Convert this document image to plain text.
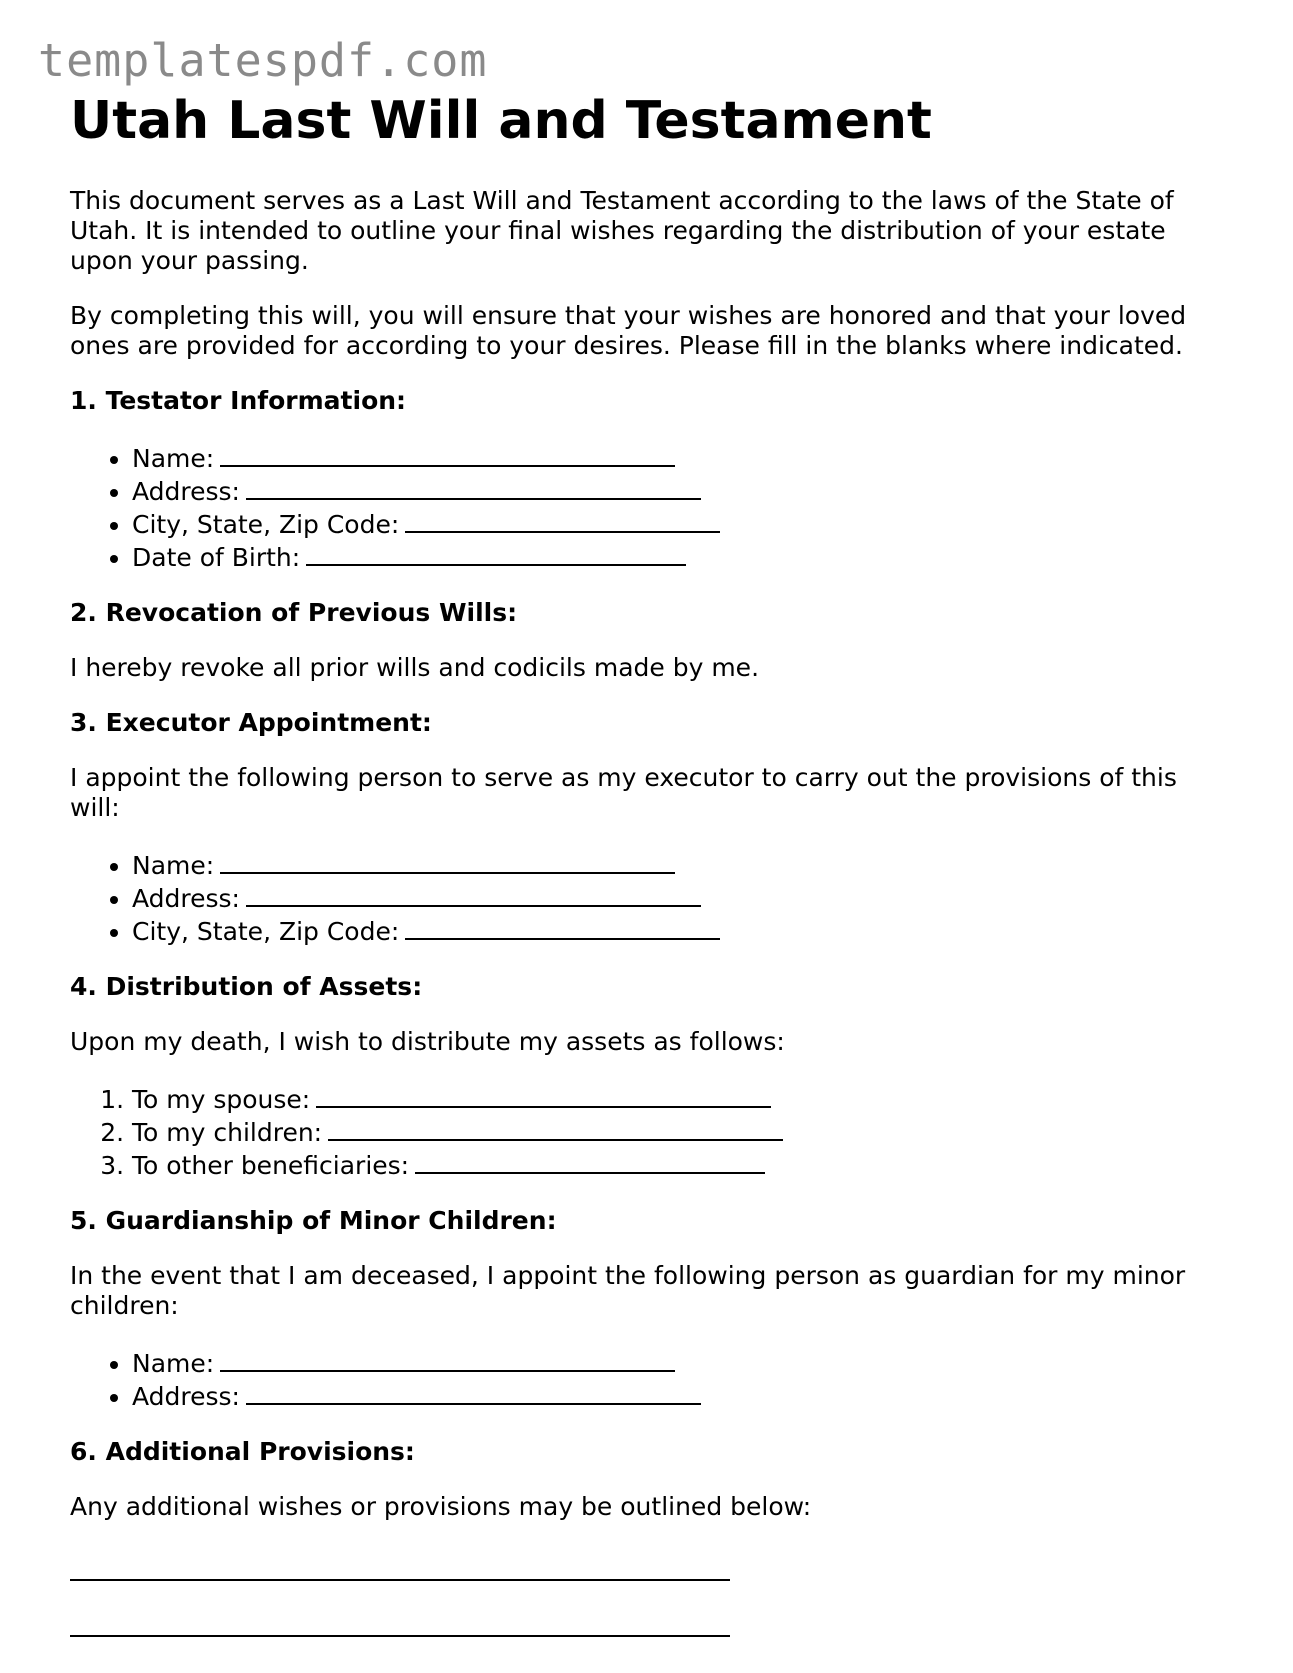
templatespdf.com
Utah Last Will and Testament

This document serves as a Last Will and Testament according to the laws of the State of Utah. It is intended to outline your final wishes regarding the distribution of your estate upon your passing.

By completing this will, you will ensure that your wishes are honored and that your loved ones are provided for according to your desires. Please fill in the blanks where indicated.

1. Testator Information:
• Name:
• Address:
• City, State, Zip Code:
• Date of Birth:
2. Revocation of Previous Wills:

I hereby revoke all prior wills and codicils made by me.

3. Executor Appointment:

I appoint the following person to serve as my executor to carry out the provisions of this will:

• Name:
• Address:
• City, State, Zip Code:
4. Distribution of Assets:

Upon my death, I wish to distribute my assets as follows:

1. To my spouse:
2. To my children:
3. To other beneficiaries:
5. Guardianship of Minor Children:

In the event that I am deceased, I appoint the following person as guardian for my minor children:

• Name:
• Address:
6. Additional Provisions:

Any additional wishes or provisions may be outlined below:
